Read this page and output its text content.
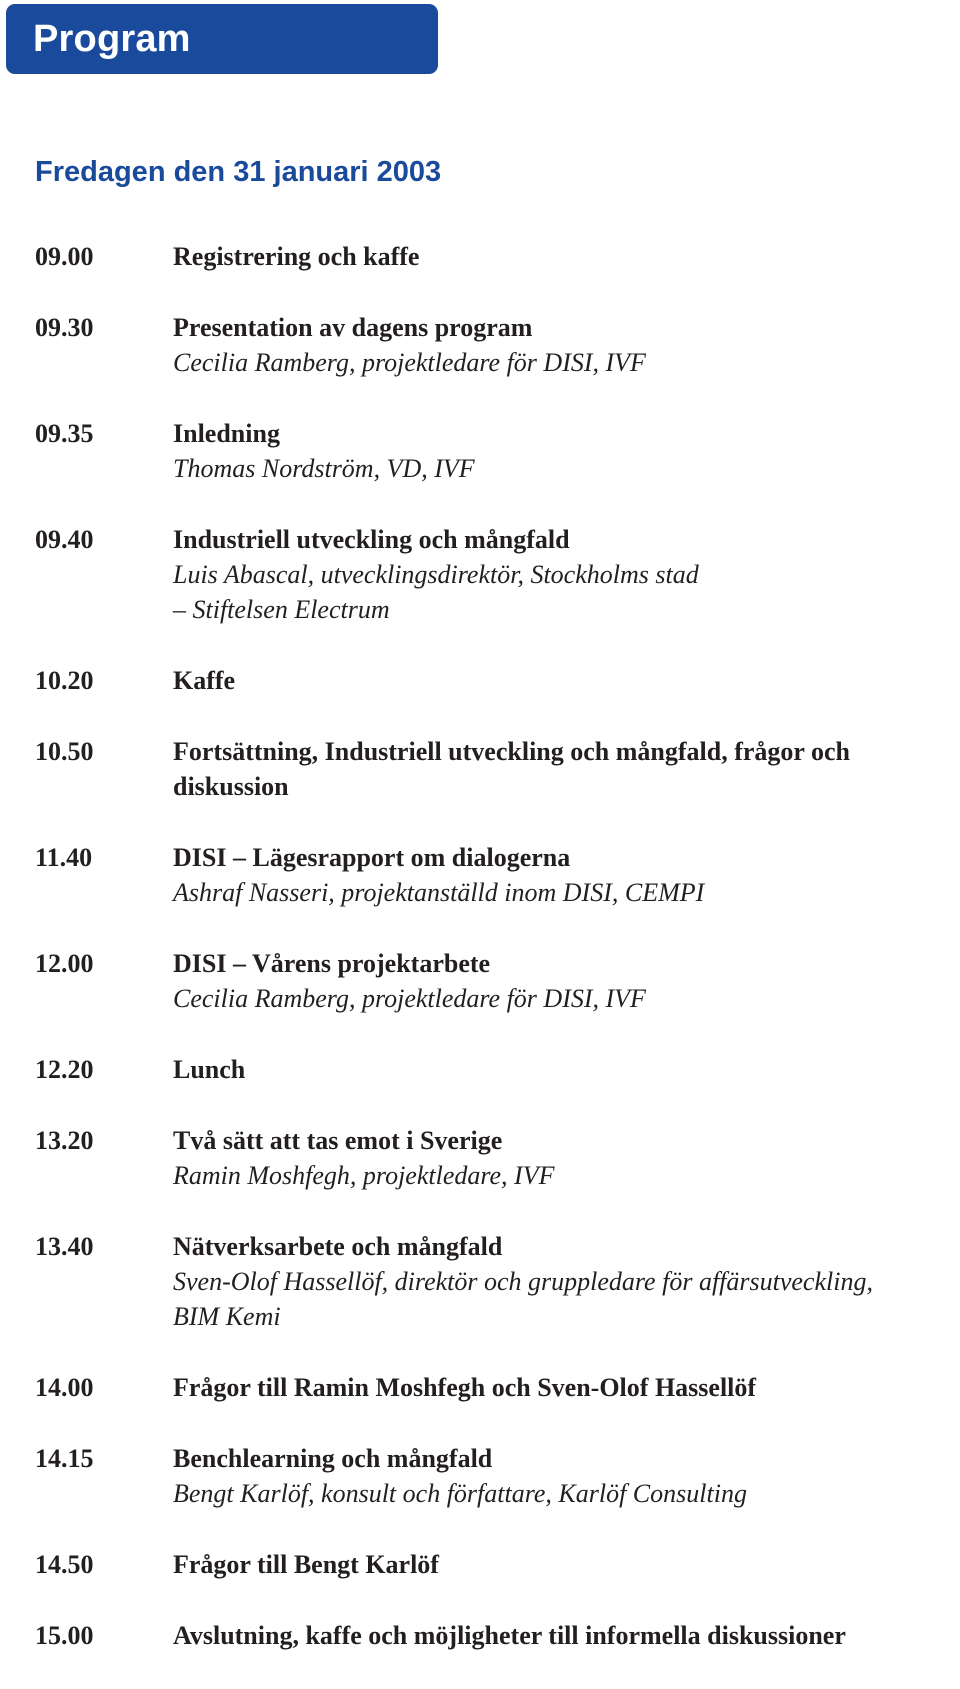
Program
Fredagen den 31 januari 2003
09.00	Registrering och kaffe
09.30	Presentation av dagens program
Cecilia Ramberg, projektledare för DISI, IVF
09.35	Inledning
Thomas Nordström, VD, IVF
09.40	Industriell utveckling och mångfald
Luis Abascal, utvecklingsdirektör, Stockholms stad
– Stiftelsen Electrum
10.20	Kaffe
10.50	Fortsättning, Industriell utveckling och mångfald, frågor och
diskussion
11.40	DISI – Lägesrapport om dialogerna
Ashraf Nasseri, projektanställd inom DISI, CEMPI
12.00	DISI – Vårens projektarbete
Cecilia Ramberg, projektledare för DISI, IVF
12.20	Lunch
13.20	Två sätt att tas emot i Sverige
Ramin Moshfegh, projektledare, IVF
13.40	Nätverksarbete och mångfald
Sven-Olof Hassellöf, direktör och gruppledare för affärsutveckling,
BIM Kemi
14.00	Frågor till Ramin Moshfegh och Sven-Olof Hassellöf
14.15	Benchlearning och mångfald
Bengt Karlöf, konsult och författare, Karlöf Consulting
14.50	Frågor till Bengt Karlöf
15.00	Avslutning, kaffe och möjligheter till informella diskussioner
